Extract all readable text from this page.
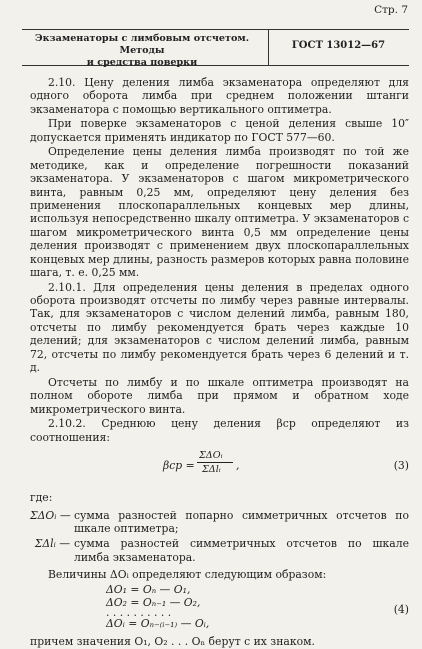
Стр. 7
Экзаменаторы с лимбовым отсчетом. Методы
и средства поверки
ГОСТ 13012—67

2.10. Цену деления лимба экзаменатора определяют для одного оборота лимба при среднем положении штанги экзаменатора с помощью вертикального оптиметра.

При поверке экзаменаторов с ценой деления свыше 10″ допускается применять индикатор по ГОСТ 577—60.

Определение цены деления лимба производят по той же методике, как и определение погрешности показаний экзаменатора. У экзаменаторов с шагом микрометрического винта, равным 0,25 мм, определяют цену деления без применения плоскопараллельных концевых мер длины, используя непосредственно шкалу оптиметра. У экзаменаторов с шагом микрометрического винта 0,5 мм определение цены деления производят с применением двух плоскопараллельных концевых мер длины, разность размеров которых равна половине шага, т. е. 0,25 мм.

2.10.1. Для определения цены деления в пределах одного оборота производят отсчеты по лимбу через равные интервалы. Так, для экзаменаторов с числом делений лимба, равным 180, отсчеты по лимбу рекомендуется брать через каждые 10 делений; для экзаменаторов с числом делений лимба, равным 72, отсчеты по лимбу рекомендуется брать через 6 делений и т. д.

Отсчеты по лимбу и по шкале оптиметра производят на полном обороте лимба при прямом и обратном ходе микрометрического винта.

2.10.2. Среднюю цену деления βср определяют из соотношения:

βср =
ΣΔOᵢ
ΣΔlᵢ ,	(3)
где:
ΣΔOᵢ — сумма разностей попарно симметричных отсчетов по шкале оптиметра;
ΣΔlᵢ — сумма разностей симметричных отсчетов по шкале лимба экзаменатора.

Величины ΔOᵢ определяют следующим образом:

ΔO₁ = Oₙ — O₁,
ΔO₂ = Oₙ₋₁ — O₂,
. . . . . . . . . .
ΔOᵢ = Oₙ₋₍ᵢ₋₁₎ — Oᵢ,
(4)

причем значения O₁, O₂ . . . Oₙ берут с их знаком.
